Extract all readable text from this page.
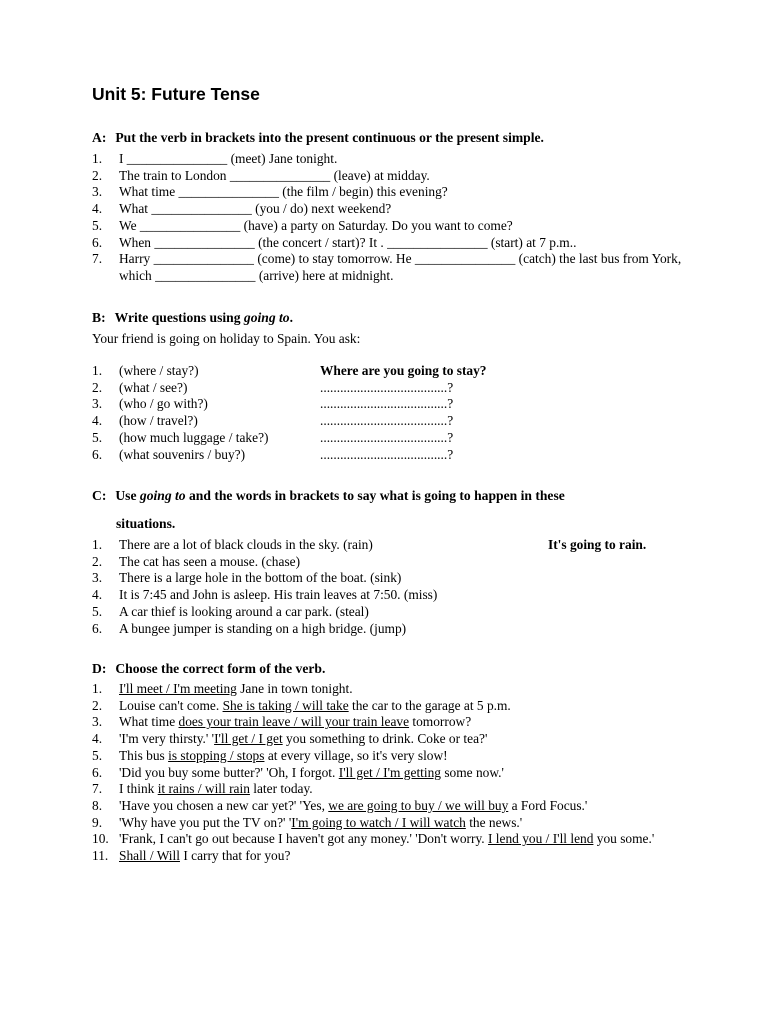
Unit 5: Future Tense
A: Put the verb in brackets into the present continuous or the present simple.
1. I _______________ (meet) Jane tonight.
2. The train to London _______________ (leave) at midday.
3. What time _______________ (the film / begin) this evening?
4. What _______________ (you / do) next weekend?
5. We _______________ (have) a party on Saturday. Do you want to come?
6. When _______________ (the concert / start)? It . _______________ (start) at 7 p.m..
7. Harry _______________ (come) to stay tomorrow. He _______________ (catch) the last bus from York, which _______________ (arrive) here at midnight.
B: Write questions using going to.
Your friend is going on holiday to Spain. You ask:
1. (where / stay?)	Where are you going to stay?
2. (what / see?)	......................................?
3. (who / go with?)	......................................?
4. (how / travel?)	......................................?
5. (how much luggage / take?)	......................................?
6. (what souvenirs / buy?)	......................................?
C: Use going to and the words in brackets to say what is going to happen in these
situations.
1. There are a lot of black clouds in the sky. (rain)	It's going to rain.
2. The cat has seen a mouse. (chase)
3. There is a large hole in the bottom of the boat. (sink)
4. It is 7:45 and John is asleep. His train leaves at 7:50. (miss)
5. A car thief is looking around a car park. (steal)
6. A bungee jumper is standing on a high bridge. (jump)
D: Choose the correct form of the verb.
1. I'll meet / I'm meeting Jane in town tonight.
2. Louise can't come. She is taking / will take the car to the garage at 5 p.m.
3. What time does your train leave / will your train leave tomorrow?
4. 'I'm very thirsty.' 'I'll get / I get you something to drink. Coke or tea?'
5. This bus is stopping / stops at every village, so it's very slow!
6. 'Did you buy some butter?' 'Oh, I forgot. I'll get / I'm getting some now.'
7. I think it rains / will rain later today.
8. 'Have you chosen a new car yet?' 'Yes, we are going to buy / we will buy a Ford Focus.'
9. 'Why have you put the TV on?' 'I'm going to watch / I will watch the news.'
10. 'Frank, I can't go out because I haven't got any money.' 'Don't worry. I lend you / I'll lend you some.'
11. Shall / Will I carry that for you?
